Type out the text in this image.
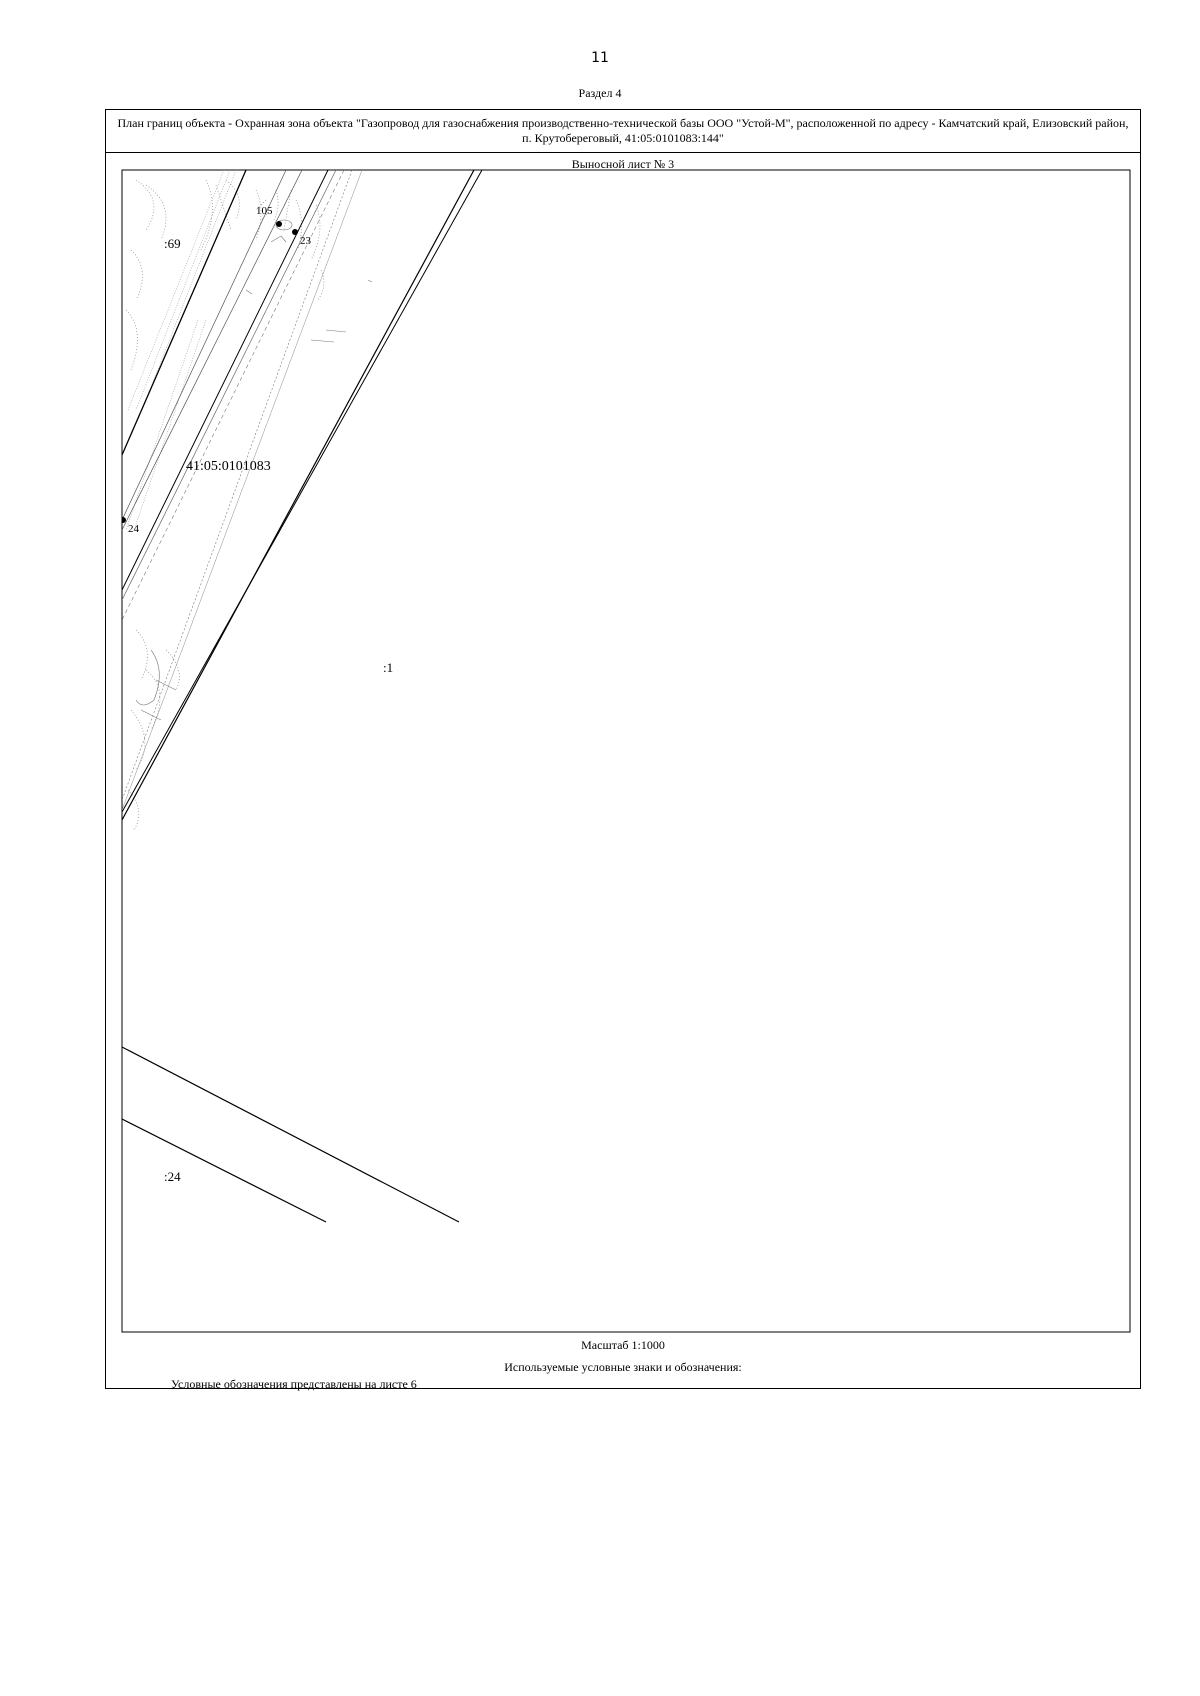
11
Раздел 4
План границ объекта - Охранная зона объекта "Газопровод для газоснабжения производственно-технической базы ООО "Устой-М", расположенной по адресу - Камчатский край, Елизовский район, п. Крутобереговый, 41:05:0101083:144"
Выносной лист № 3
:69
105
23
41:05:0101083
24
:1
:24
Масштаб 1:1000
Используемые условные знаки и обозначения:
Условные обозначения представлены на листе 6
